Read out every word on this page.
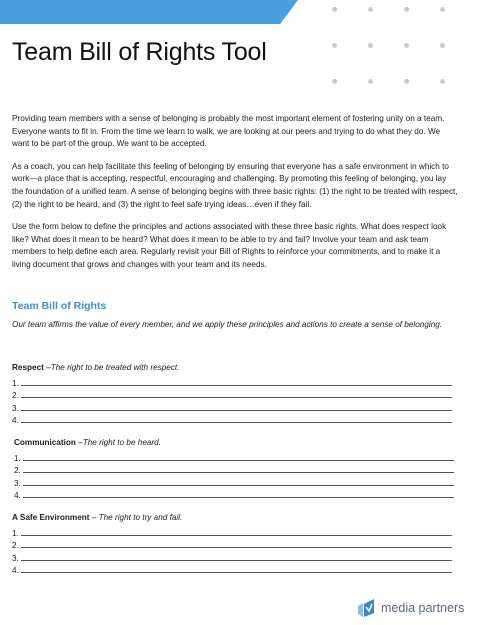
Team Bill of Rights Tool

Providing team members with a sense of belonging is probably the most important element of fostering unity on a team. Everyone wants to fit in. From the time we learn to walk, we are looking at our peers and trying to do what they do. We want to be part of the group. We want to be accepted.

As a coach, you can help facilitate this feeling of belonging by ensuring that everyone has a safe environment in which to work—a place that is accepting, respectful, encouraging and challenging. By promoting this feeling of belonging, you lay the foundation of a unified team. A sense of belonging begins with three basic rights: (1) the right to be treated with respect, (2) the right to be heard, and (3) the right to feel safe trying ideas…even if they fail.

Use the form below to define the principles and actions associated with these three basic rights. What does respect look like? What does it mean to be heard? What does it mean to be able to try and fail? Involve your team and ask team members to help define each area. Regularly revisit your Bill of Rights to reinforce your commitments, and to make it a living document that grows and changes with your team and its needs.

Team Bill of Rights

Our team affirms the value of every member, and we apply these principles and actions to create a sense of belonging.

Respect –The right to be treated with respect.
1.
2.
3.
4.
Communication –The right to be heard.
1.
2.
3.
4.
A Safe Environment – The right to try and fail.
1.
2.
3.
4.
media partners
